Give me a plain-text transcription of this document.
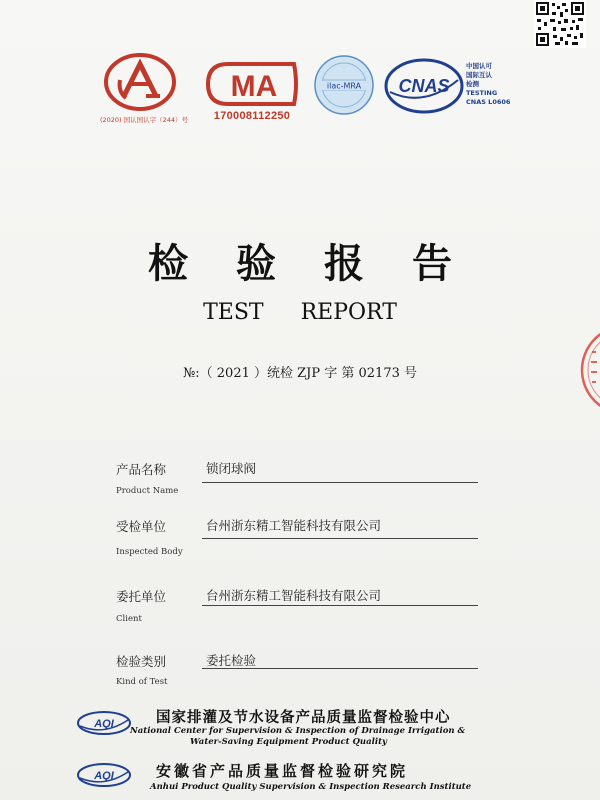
(2020) 国认国认字（244）号
MA
170008112250
ilac-MRA CNAS
中国认可
国际互认
检测
TESTING
CNAS L0606
检验报告
TEST REPORT
№:（ 2021 ）统检 ZJP 字 第 02173 号
产品名称	锁闭球阀
Product Name
受检单位	台州浙东精工智能科技有限公司
Inspected Body
委托单位	台州浙东精工智能科技有限公司
Client
检验类别	委托检验
Kind of Test
AQI	国家排灌及节水设备产品质量监督检验中心
National Center for Supervision & Inspection of Drainage Irrigation &
Water-Saving Equipment Product Quality
AQI	安徽省产品质量监督检验研究院
Anhui Product Quality Supervision & Inspection Research Institute
